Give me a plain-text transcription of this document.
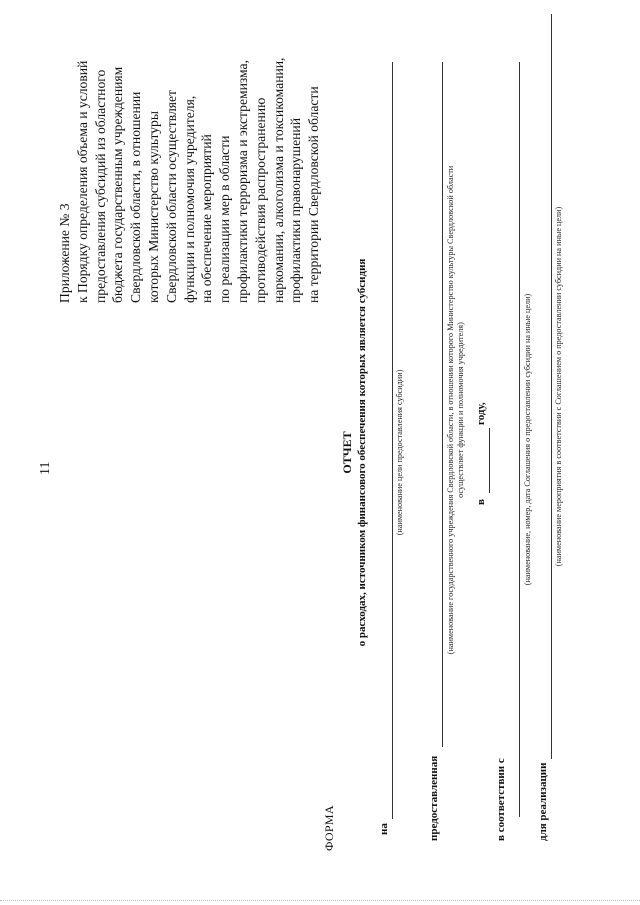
11
Приложение № 3 к Порядку определения объема и условий предоставления субсидий из областного бюджета государственным учреждениям Свердловской области, в отношении которых Министерство культуры Свердловской области осуществляет функции и полномочия учредителя, на обеспечение мероприятий по реализации мер в области профилактики терроризма и экстремизма, противодействия распространению наркомании, алкоголизма и токсикомании, профилактики правонарушений на территории Свердловской области
ФОРМА
ОТЧЕТ о расходах, источником финансового обеспечения которых является субсидия
на
(наименование цели предоставления субсидии)
предоставленная
(наименование государственного учреждения Свердловской области, в отношении которого Министерство культуры Свердловской области осуществляет функции и полномочия учредителя)
в
году,
в соответствии с
(наименование, номер, дата Соглашения о предоставлении субсидии на иные цели)
для реализации
(наименование мероприятия в соответствии с Соглашением о предоставлении субсидии на иные цели)
